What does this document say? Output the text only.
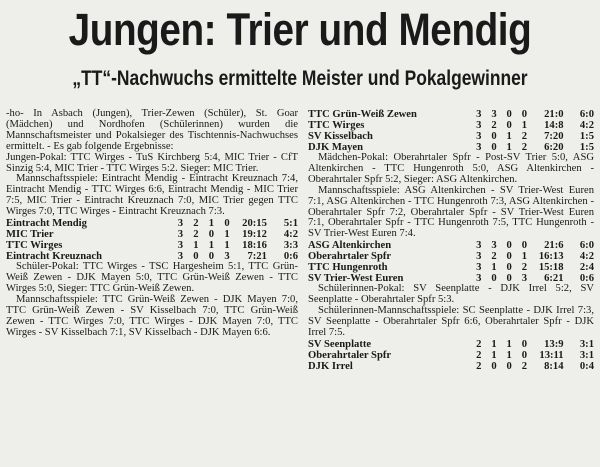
Jungen: Trier und Mendig
„TT“-Nachwuchs ermittelte Meister und Pokalgewinner

-ho- In Asbach (Jungen), Trier-Zewen (Schüler), St. Goar (Mädchen) und Nordhofen (Schülerinnen) wurden die Mannschaftsmeister und Pokalsieger des Tischtennis-Nachwuchses ermittelt. - Es gab folgende Ergebnisse:

Jungen-Pokal: TTC Wirges - TuS Kirchberg 5:4, MIC Trier - CfT Sinzig 5:4, MIC Trier - TTC Wirges 5:2. Sieger: MIC Trier.

Mannschaftsspiele: Eintracht Mendig - Eintracht Kreuznach 7:4, Eintracht Mendig - TTC Wirges 6:6, Eintracht Mendig - MIC Trier 7:5, MIC Trier - Eintracht Kreuznach 7:0, MIC Trier gegen TTC Wirges 7:0, TTC Wirges - Eintracht Kreuznach 7:3.

Eintracht Mendig	3	2	1	0	20:15	5:1
MIC Trier	3	2	0	1	19:12	4:2
TTC Wirges	3	1	1	1	18:16	3:3
Eintracht Kreuznach	3	0	0	3	7:21	0:6

Schüler-Pokal: TTC Wirges - TSC Hargesheim 5:1, TTC Grün-Weiß Zewen - DJK Mayen 5:0, TTC Grün-Weiß Zewen - TTC Wirges 5:0, Sieger: TTC Grün-Weiß Zewen.

Mannschaftsspiele: TTC Grün-Weiß Zewen - DJK Mayen 7:0, TTC Grün-Weiß Zewen - SV Kisselbach 7:0, TTC Grün-Weiß Zewen - TTC Wirges 7:0, TTC Wirges - DJK Mayen 7:0, TTC Wirges - SV Kisselbach 7:1, SV Kisselbach - DJK Mayen 6:6.

TTC Grün-Weiß Zewen	3	3	0	0	21:0	6:0
TTC Wirges	3	2	0	1	14:8	4:2
SV Kisselbach	3	0	1	2	7:20	1:5
DJK Mayen	3	0	1	2	6:20	1:5

Mädchen-Pokal: Oberahrtaler Spfr - Post-SV Trier 5:0, ASG Altenkirchen - TTC Hungenroth 5:0, ASG Altenkirchen - Oberahrtaler Spfr 5:2, Sieger: ASG Altenkirchen.

Mannschaftsspiele: ASG Altenkirchen - SV Trier-West Euren 7:1, ASG Altenkirchen - TTC Hungenroth 7:3, ASG Altenkirchen - Oberahrtaler Spfr 7:2, Oberahrtaler Spfr - SV Trier-West Euren 7:1, Oberahrtaler Spfr - TTC Hungenroth 7:5, TTC Hungenroth - SV Trier-West Euren 7:4.

ASG Altenkirchen	3	3	0	0	21:6	6:0
Oberahrtaler Spfr	3	2	0	1	16:13	4:2
TTC Hungenroth	3	1	0	2	15:18	2:4
SV Trier-West Euren	3	0	0	3	6:21	0:6

Schülerinnen-Pokal: SV Seenplatte - DJK Irrel 5:2, SV Seenplatte - Oberahrtaler Spfr 5:3.

Schülerinnen-Mannschaftsspiele: SC Seenplatte - DJK Irrel 7:3, SV Seenplatte - Oberahrtaler Spfr 6:6, Oberahrtaler Spfr - DJK Irrel 7:5.

SV Seenplatte	2	1	1	0	13:9	3:1
Oberahrtaler Spfr	2	1	1	0	13:11	3:1
DJK Irrel	2	0	0	2	8:14	0:4
